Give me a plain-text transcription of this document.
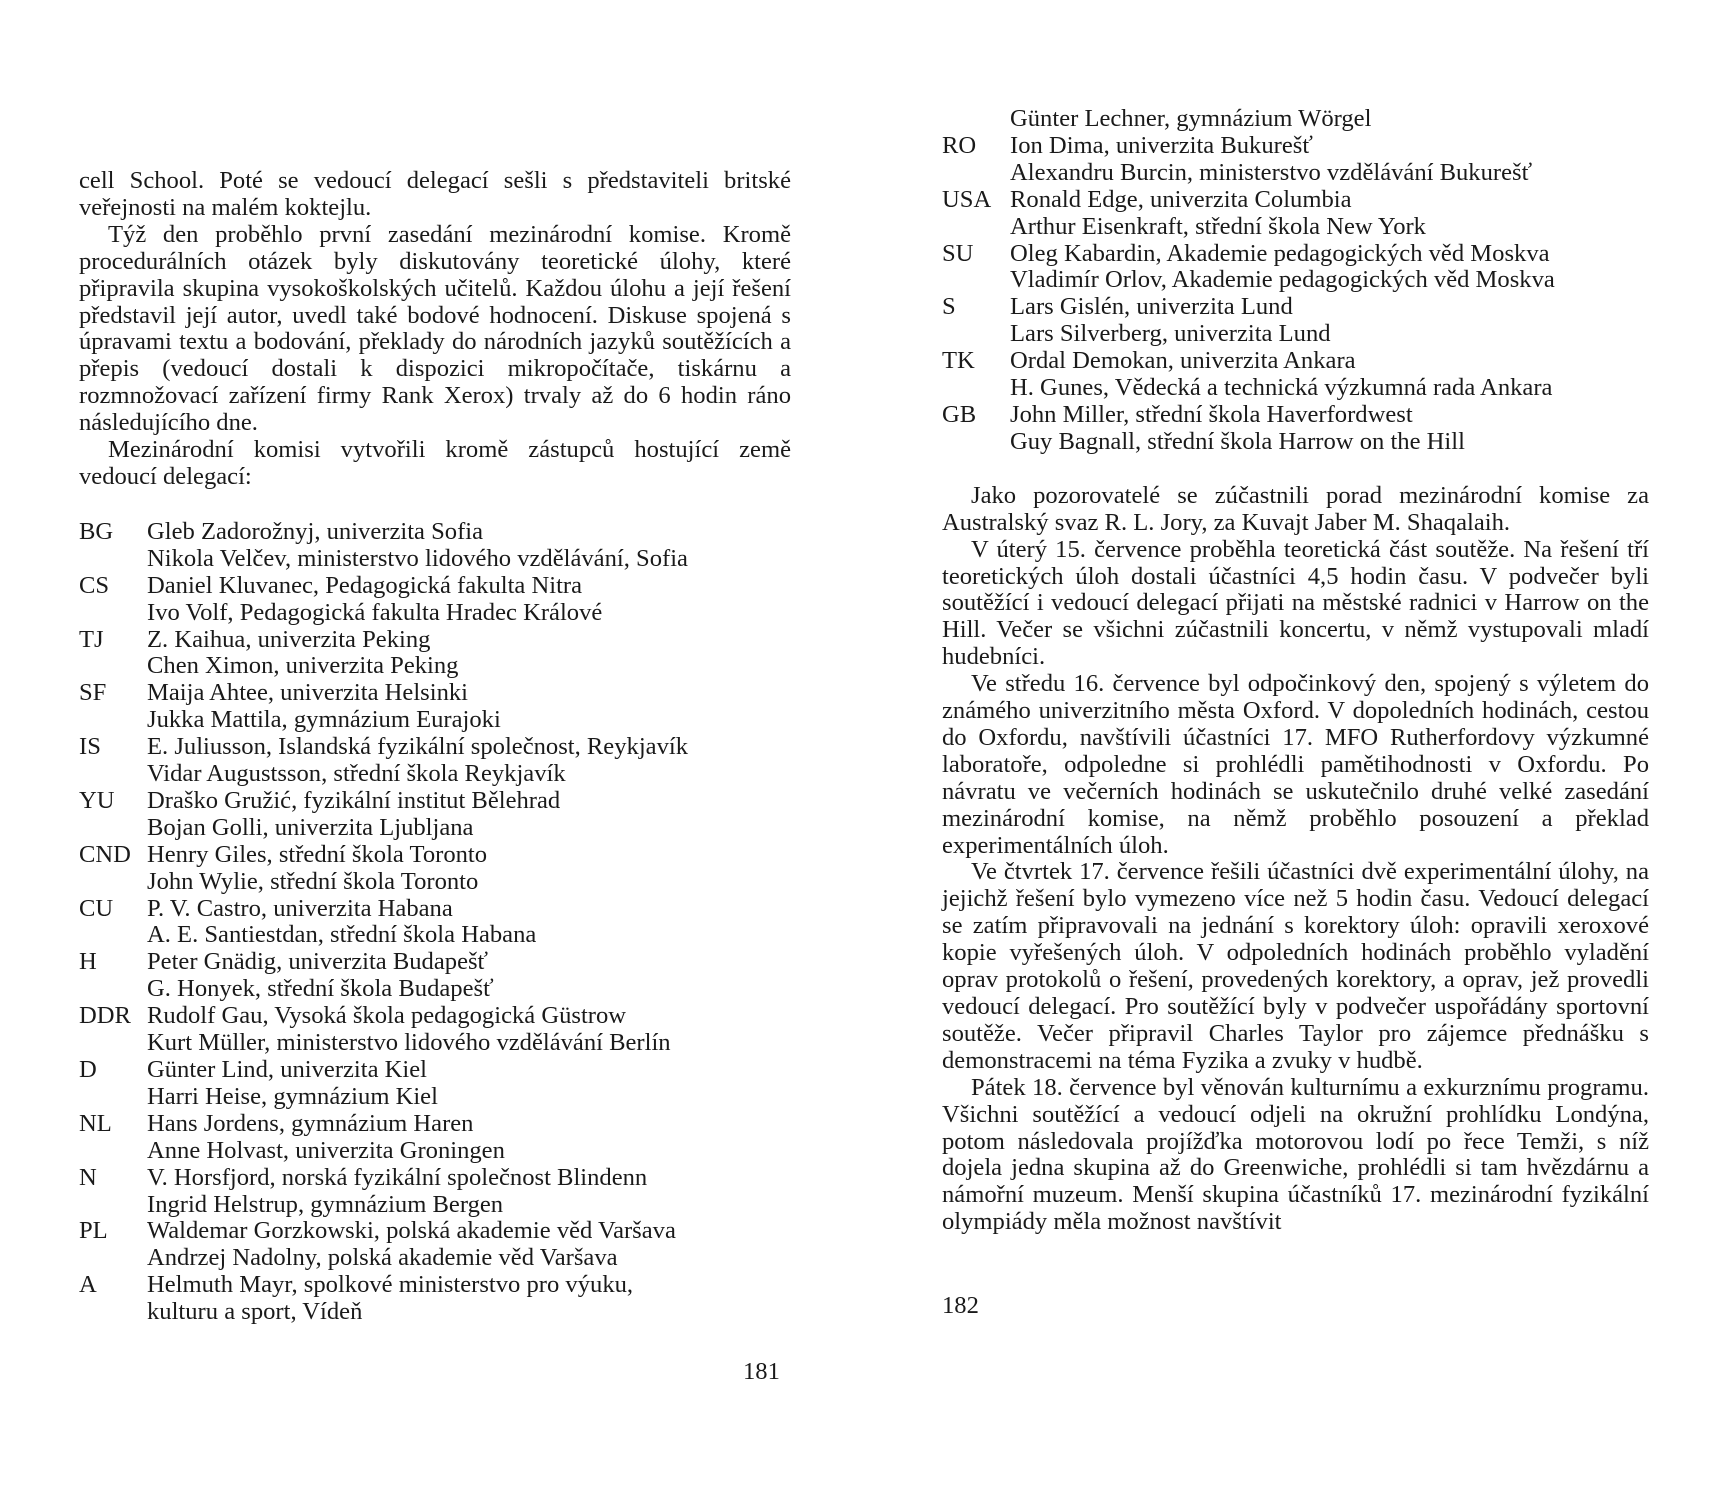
cell School. Poté se vedoucí delegací sešli s představiteli britské veřejnosti na malém koktejlu.

Týž den proběhlo první zasedání mezinárodní komise. Kromě procedurálních otázek byly diskutovány teoretické úlohy, které připravila skupina vysokoškolských učitelů. Každou úlohu a její řešení představil její autor, uvedl také bodové hodnocení. Diskuse spojená s úpravami textu a bodování, překlady do národních jazyků soutěžících a přepis (vedoucí dostali k dispozici mikropočítače, tiskárnu a rozmnožovací zařízení firmy Rank Xerox) trvaly až do 6 hodin ráno následujícího dne.

Mezinárodní komisi vytvořili kromě zástupců hostující země vedoucí delegací:

BG	Gleb Zadorožnyj, univerzita Sofia
Nikola Velčev, ministerstvo lidového vzdělávání, Sofia
CS	Daniel Kluvanec, Pedagogická fakulta Nitra
Ivo Volf, Pedagogická fakulta Hradec Králové
TJ	Z. Kaihua, univerzita Peking
Chen Ximon, univerzita Peking
SF	Maija Ahtee, univerzita Helsinki
Jukka Mattila, gymnázium Eurajoki
IS	E. Juliusson, Islandská fyzikální společnost, Reykjavík
Vidar Augustsson, střední škola Reykjavík
YU	Draško Gružić, fyzikální institut Bělehrad
Bojan Golli, univerzita Ljubljana
CND Henry Giles, střední škola Toronto
John Wylie, střední škola Toronto
CU	P. V. Castro, univerzita Habana
A. E. Santiestdan, střední škola Habana
H	Peter Gnädig, univerzita Budapešť
G. Honyek, střední škola Budapešť
DDR Rudolf Gau, Vysoká škola pedagogická Güstrow
Kurt Müller, ministerstvo lidového vzdělávání Berlín
D	Günter Lind, univerzita Kiel
Harri Heise, gymnázium Kiel
NL	Hans Jordens, gymnázium Haren
Anne Holvast, univerzita Groningen
N	V. Horsfjord, norská fyzikální společnost Blindenn
Ingrid Helstrup, gymnázium Bergen
PL	Waldemar Gorzkowski, polská akademie věd Varšava
Andrzej Nadolny, polská akademie věd Varšava
A	Helmuth Mayr, spolkové ministerstvo pro výuku,
kulturu a sport, Vídeň
181
Günter Lechner, gymnázium Wörgel
RO	Ion Dima, univerzita Bukurešť
Alexandru Burcin, ministerstvo vzdělávání Bukurešť
USA Ronald Edge, univerzita Columbia
Arthur Eisenkraft, střední škola New York
SU	Oleg Kabardin, Akademie pedagogických věd Moskva
Vladimír Orlov, Akademie pedagogických věd Moskva
S	Lars Gislén, univerzita Lund
Lars Silverberg, univerzita Lund
TK	Ordal Demokan, univerzita Ankara
H. Gunes, Vědecká a technická výzkumná rada Ankara
GB	John Miller, střední škola Haverfordwest
Guy Bagnall, střední škola Harrow on the Hill

Jako pozorovatelé se zúčastnili porad mezinárodní komise za Australský svaz R. L. Jory, za Kuvajt Jaber M. Shaqalaih.

V úterý 15. července proběhla teoretická část soutěže. Na řešení tří teoretických úloh dostali účastníci 4,5 hodin času. V podvečer byli soutěžící i vedoucí delegací přijati na městské radnici v Harrow on the Hill. Večer se všichni zúčastnili koncertu, v němž vystupovali mladí hudebníci.

Ve středu 16. července byl odpočinkový den, spojený s výletem do známého univerzitního města Oxford. V dopoledních hodinách, cestou do Oxfordu, navštívili účastníci 17. MFO Rutherfordovy výzkumné laboratoře, odpoledne si prohlédli pamětihodnosti v Oxfordu. Po návratu ve večerních hodinách se uskutečnilo druhé velké zasedání mezinárodní komise, na němž proběhlo posouzení a překlad experimentálních úloh.

Ve čtvrtek 17. července řešili účastníci dvě experimentální úlohy, na jejichž řešení bylo vymezeno více než 5 hodin času. Vedoucí delegací se zatím připravovali na jednání s korektory úloh: opravili xeroxové kopie vyřešených úloh. V odpoledních hodinách proběhlo vyladění oprav protokolů o řešení, provedených korektory, a oprav, jež provedli vedoucí delegací. Pro soutěžící byly v podvečer uspořádány sportovní soutěže. Večer připravil Charles Taylor pro zájemce přednášku s demonstracemi na téma Fyzika a zvuky v hudbě.

Pátek 18. července byl věnován kulturnímu a exkurznímu programu. Všichni soutěžící a vedoucí odjeli na okružní prohlídku Londýna, potom následovala projížďka motorovou lodí po řece Temži, s níž dojela jedna skupina až do Greenwiche, prohlédli si tam hvězdárnu a námořní muzeum. Menší skupina účastníků 17. mezinárodní fyzikální olympiády měla možnost navštívit

182
